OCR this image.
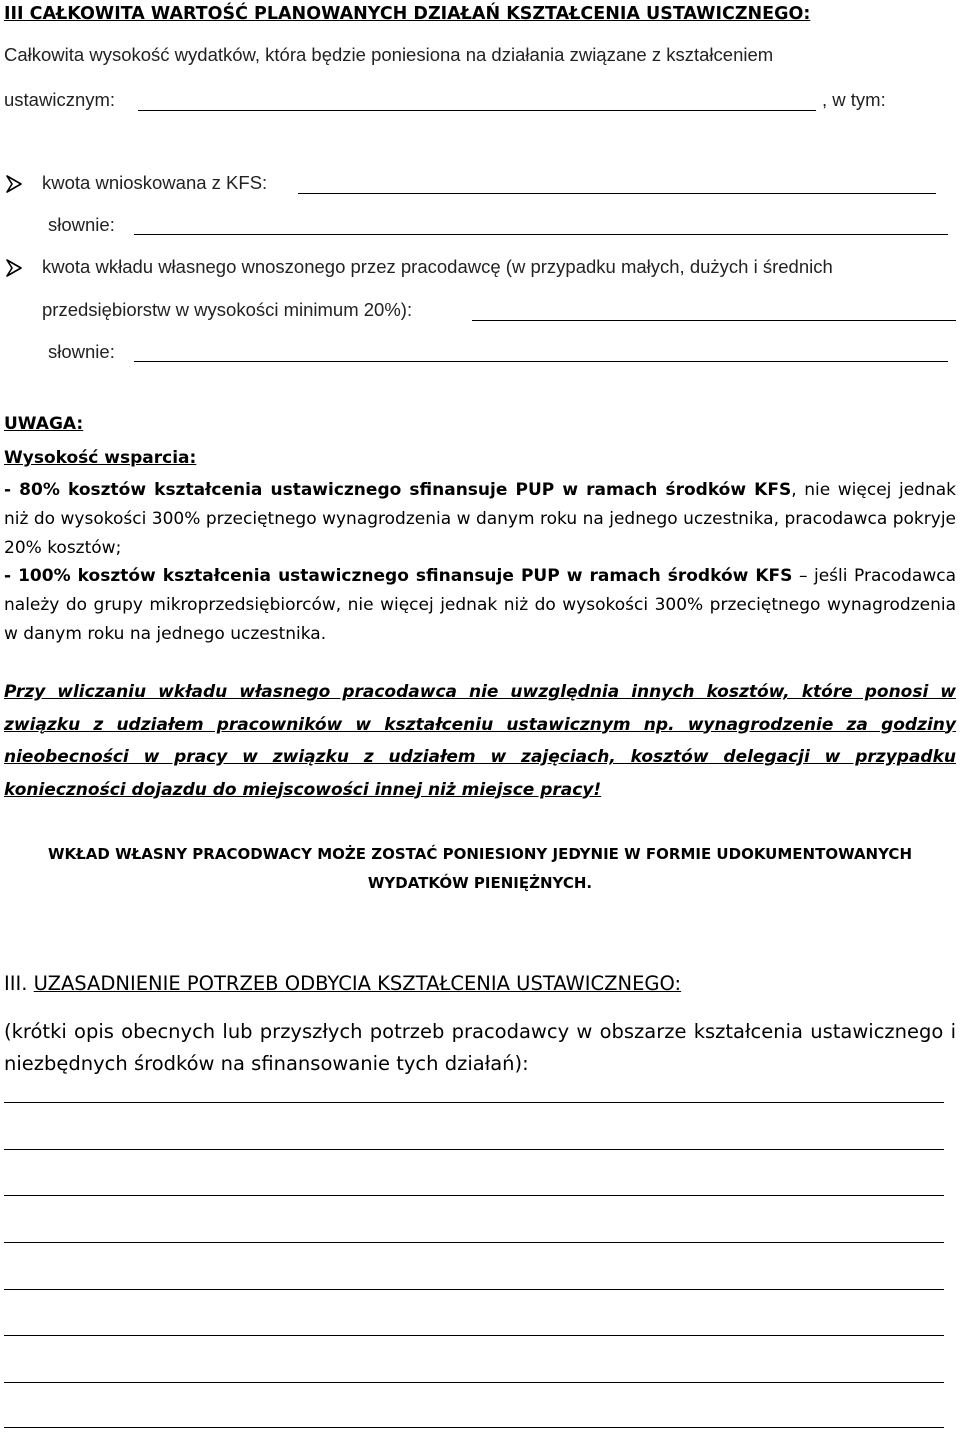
III CAŁKOWITA WARTOŚĆ PLANOWANYCH DZIAŁAŃ KSZTAŁCENIA USTAWICZNEGO:
Całkowita wysokość wydatków, która będzie poniesiona na działania związane z kształceniem
ustawicznym:	, w tym:
kwota wnioskowana z KFS:
słownie:
kwota wkładu własnego wnoszonego przez pracodawcę (w przypadku małych, dużych i średnich
przedsiębiorstw w wysokości minimum 20%):
słownie:
UWAGA:
Wysokość wsparcia:
- 80% kosztów kształcenia ustawicznego sfinansuje PUP w ramach środków KFS, nie więcej jednak niż do wysokości 300% przeciętnego wynagrodzenia w danym roku na jednego uczestnika, pracodawca pokryje 20% kosztów;
- 100% kosztów kształcenia ustawicznego sfinansuje PUP w ramach środków KFS – jeśli Pracodawca należy do grupy mikroprzedsiębiorców, nie więcej jednak niż do wysokości 300% przeciętnego wynagrodzenia w danym roku na jednego uczestnika.
Przy wliczaniu wkładu własnego pracodawca nie uwzględnia innych kosztów, które ponosi w związku z udziałem pracowników w kształceniu ustawicznym np. wynagrodzenie za godziny nieobecności w pracy w związku z udziałem w zajęciach, kosztów delegacji w przypadku konieczności dojazdu do miejscowości innej niż miejsce pracy!
WKŁAD WŁASNY PRACODWACY MOŻE ZOSTAĆ PONIESIONY JEDYNIE W FORMIE UDOKUMENTOWANYCH
WYDATKÓW PIENIĘŻNYCH.
III. UZASADNIENIE POTRZEB ODBYCIA KSZTAŁCENIA USTAWICZNEGO:
(krótki opis obecnych lub przyszłych potrzeb pracodawcy w obszarze kształcenia ustawicznego i niezbędnych środków na sfinansowanie tych działań):
